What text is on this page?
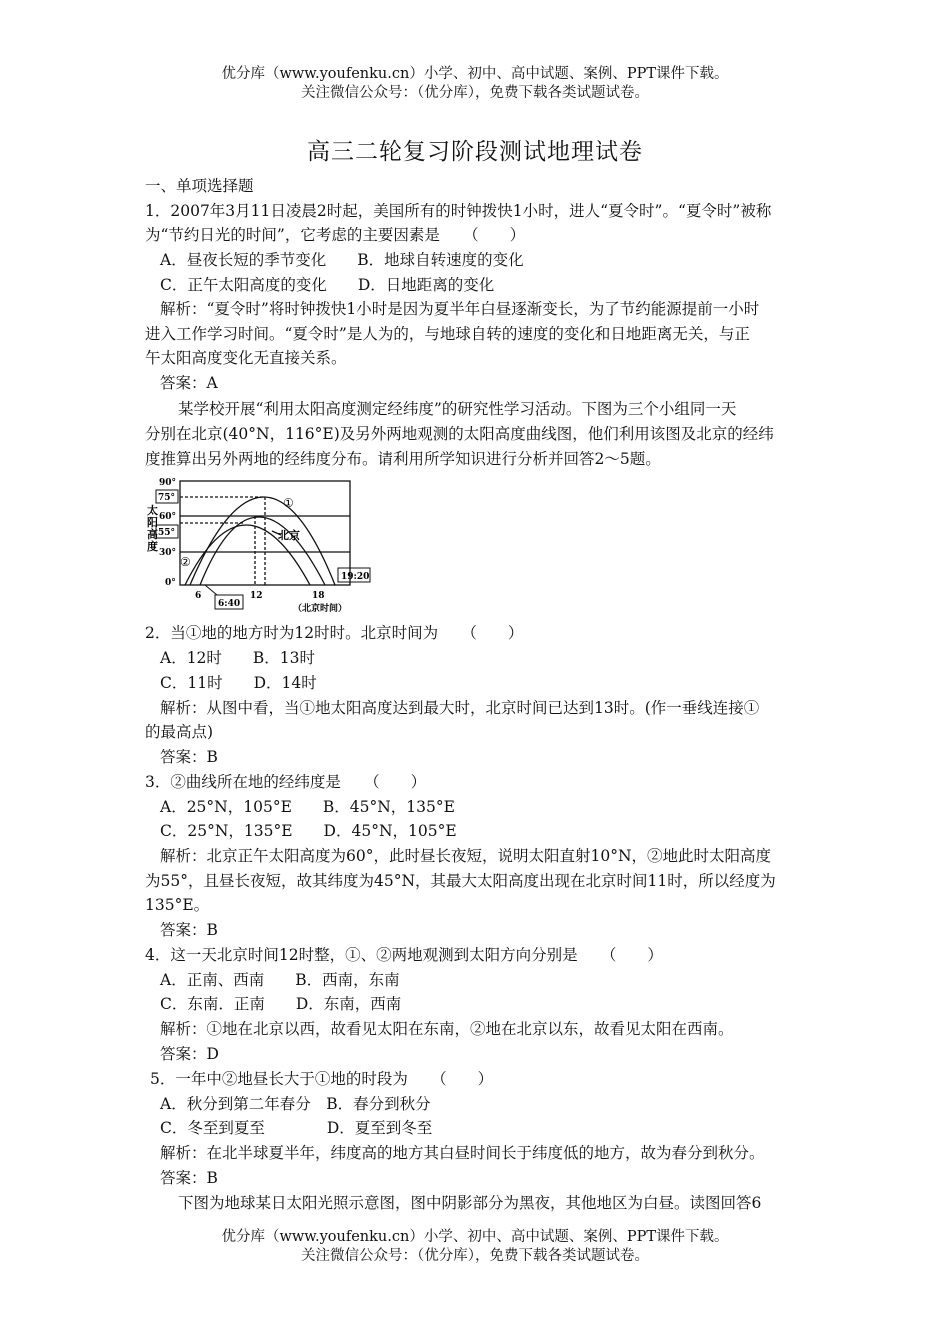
优分库（www.youfenku.cn）小学、初中、高中试题、案例、PPT课件下载。
关注微信公众号：（优分库），免费下载各类试题试卷。
高三二轮复习阶段测试地理试卷
一、单项选择题
1．2007年3月11日凌晨2时起，美国所有的时钟拨快1小时，进人“夏令时”。“夏令时”被称
为“节约日光的时间”，它考虑的主要因素是　　（　　）
A．昼夜长短的季节变化　　B．地球自转速度的变化
C．正午太阳高度的变化　　D．日地距离的变化
解析：“夏令时”将时钟拨快1小时是因为夏半年白昼逐渐变长，为了节约能源提前一小时
进入工作学习时间。“夏令时”是人为的，与地球自转的速度的变化和日地距离无关，与正
午太阳高度变化无直接关系。
答案：A
某学校开展“利用太阳高度测定经纬度”的研究性学习活动。下图为三个小组同一天
分别在北京(40°N，116°E)及另外两地观测的太阳高度曲线图，他们利用该图及北京的经纬
度推算出另外两地的经纬度分布。请利用所学知识进行分析并回答2～5题。
太
阳
高
度
90°
60°
30°
0°
75°
55°
①
②
北京
6	12	18
6:40
19:20
（北京时间）
2．当①地的地方时为12时时。北京时间为　　（　　）
A．12时　　B．13时
C．11时　　D．14时
解析：从图中看，当①地太阳高度达到最大时，北京时间已达到13时。(作一垂线连接①
的最高点)
答案：B
3．②曲线所在地的经纬度是　　（　　）
A．25°N，105°E　　B．45°N，135°E
C．25°N，135°E　　D．45°N，105°E
解析：北京正午太阳高度为60°，此时昼长夜短，说明太阳直射10°N，②地此时太阳高度
为55°，且昼长夜短，故其纬度为45°N，其最大太阳高度出现在北京时间11时，所以经度为
135°E。
答案：B
4．这一天北京时间12时整，①、②两地观测到太阳方向分别是　　（　　）
A．正南、西南　　B．西南，东南
C．东南．正南　　D．东南，西南
解析：①地在北京以西，故看见太阳在东南，②地在北京以东，故看见太阳在西南。
答案：D
5．一年中②地昼长大于①地的时段为　　（　　）
A．秋分到第二年春分　B．春分到秋分
C．冬至到夏至　　　　D．夏至到冬至
解析：在北半球夏半年，纬度高的地方其白昼时间长于纬度低的地方，故为春分到秋分。
答案：B
下图为地球某日太阳光照示意图，图中阴影部分为黑夜，其他地区为白昼。读图回答6
优分库（www.youfenku.cn）小学、初中、高中试题、案例、PPT课件下载。
关注微信公众号：（优分库），免费下载各类试题试卷。
